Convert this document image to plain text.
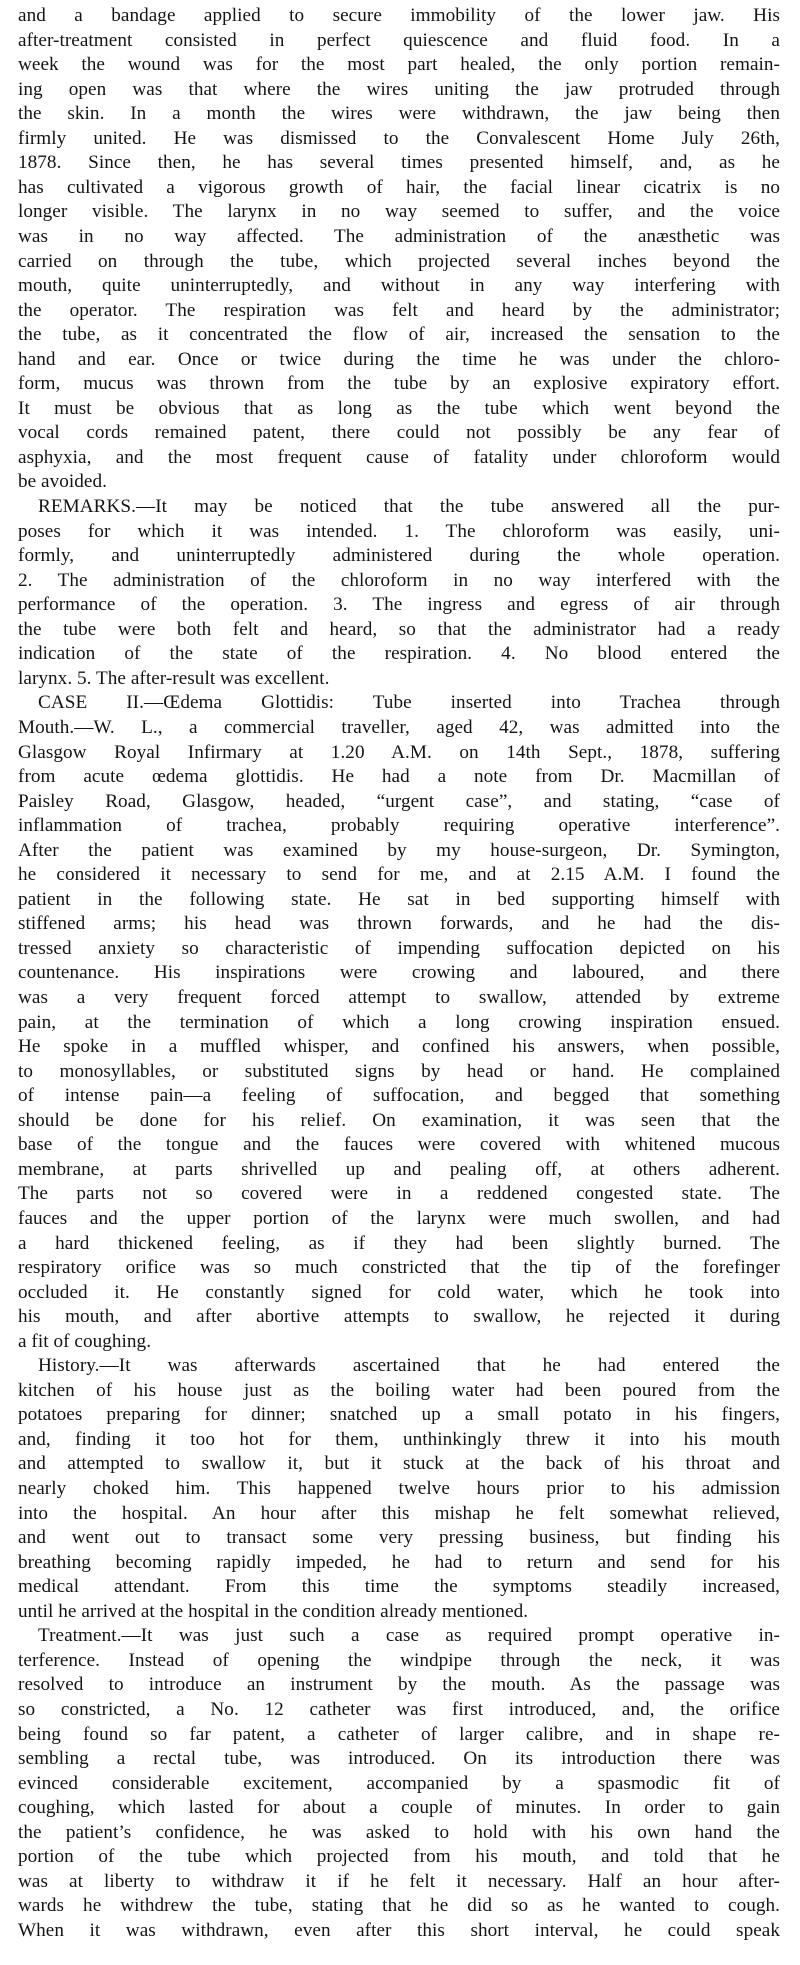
and a bandage applied to secure immobility of the lower jaw. His
after-treatment consisted in perfect quiescence and fluid food. In a
week the wound was for the most part healed, the only portion remain-
ing open was that where the wires uniting the jaw protruded through
the skin. In a month the wires were withdrawn, the jaw being then
firmly united. He was dismissed to the Convalescent Home July 26th,
1878. Since then, he has several times presented himself, and, as he
has cultivated a vigorous growth of hair, the facial linear cicatrix is no
longer visible. The larynx in no way seemed to suffer, and the voice
was in no way affected. The administration of the anæsthetic was
carried on through the tube, which projected several inches beyond the
mouth, quite uninterruptedly, and without in any way interfering with
the operator. The respiration was felt and heard by the administrator;
the tube, as it concentrated the flow of air, increased the sensation to the
hand and ear. Once or twice during the time he was under the chloro-
form, mucus was thrown from the tube by an explosive expiratory effort.
It must be obvious that as long as the tube which went beyond the
vocal cords remained patent, there could not possibly be any fear of
asphyxia, and the most frequent cause of fatality under chloroform would
be avoided.
REMARKS.—It may be noticed that the tube answered all the pur-
poses for which it was intended. 1. The chloroform was easily, uni-
formly, and uninterruptedly administered during the whole operation.
2. The administration of the chloroform in no way interfered with the
performance of the operation. 3. The ingress and egress of air through
the tube were both felt and heard, so that the administrator had a ready
indication of the state of the respiration. 4. No blood entered the
larynx. 5. The after-result was excellent.
CASE II.—Œdema Glottidis: Tube inserted into Trachea through
Mouth.—W. L., a commercial traveller, aged 42, was admitted into the
Glasgow Royal Infirmary at 1.20 A.M. on 14th Sept., 1878, suffering
from acute œdema glottidis. He had a note from Dr. Macmillan of
Paisley Road, Glasgow, headed, “urgent case”, and stating, “case of
inflammation of trachea, probably requiring operative interference”.
After the patient was examined by my house-surgeon, Dr. Symington,
he considered it necessary to send for me, and at 2.15 A.M. I found the
patient in the following state. He sat in bed supporting himself with
stiffened arms; his head was thrown forwards, and he had the dis-
tressed anxiety so characteristic of impending suffocation depicted on his
countenance. His inspirations were crowing and laboured, and there
was a very frequent forced attempt to swallow, attended by extreme
pain, at the termination of which a long crowing inspiration ensued.
He spoke in a muffled whisper, and confined his answers, when possible,
to monosyllables, or substituted signs by head or hand. He complained
of intense pain—a feeling of suffocation, and begged that something
should be done for his relief. On examination, it was seen that the
base of the tongue and the fauces were covered with whitened mucous
membrane, at parts shrivelled up and pealing off, at others adherent.
The parts not so covered were in a reddened congested state. The
fauces and the upper portion of the larynx were much swollen, and had
a hard thickened feeling, as if they had been slightly burned. The
respiratory orifice was so much constricted that the tip of the forefinger
occluded it. He constantly signed for cold water, which he took into
his mouth, and after abortive attempts to swallow, he rejected it during
a fit of coughing.
History.—It was afterwards ascertained that he had entered the
kitchen of his house just as the boiling water had been poured from the
potatoes preparing for dinner; snatched up a small potato in his fingers,
and, finding it too hot for them, unthinkingly threw it into his mouth
and attempted to swallow it, but it stuck at the back of his throat and
nearly choked him. This happened twelve hours prior to his admission
into the hospital. An hour after this mishap he felt somewhat relieved,
and went out to transact some very pressing business, but finding his
breathing becoming rapidly impeded, he had to return and send for his
medical attendant. From this time the symptoms steadily increased,
until he arrived at the hospital in the condition already mentioned.
Treatment.—It was just such a case as required prompt operative in-
terference. Instead of opening the windpipe through the neck, it was
resolved to introduce an instrument by the mouth. As the passage was
so constricted, a No. 12 catheter was first introduced, and, the orifice
being found so far patent, a catheter of larger calibre, and in shape re-
sembling a rectal tube, was introduced. On its introduction there was
evinced considerable excitement, accompanied by a spasmodic fit of
coughing, which lasted for about a couple of minutes. In order to gain
the patient’s confidence, he was asked to hold with his own hand the
portion of the tube which projected from his mouth, and told that he
was at liberty to withdraw it if he felt it necessary. Half an hour after-
wards he withdrew the tube, stating that he did so as he wanted to cough.
When it was withdrawn, even after this short interval, he could speak
